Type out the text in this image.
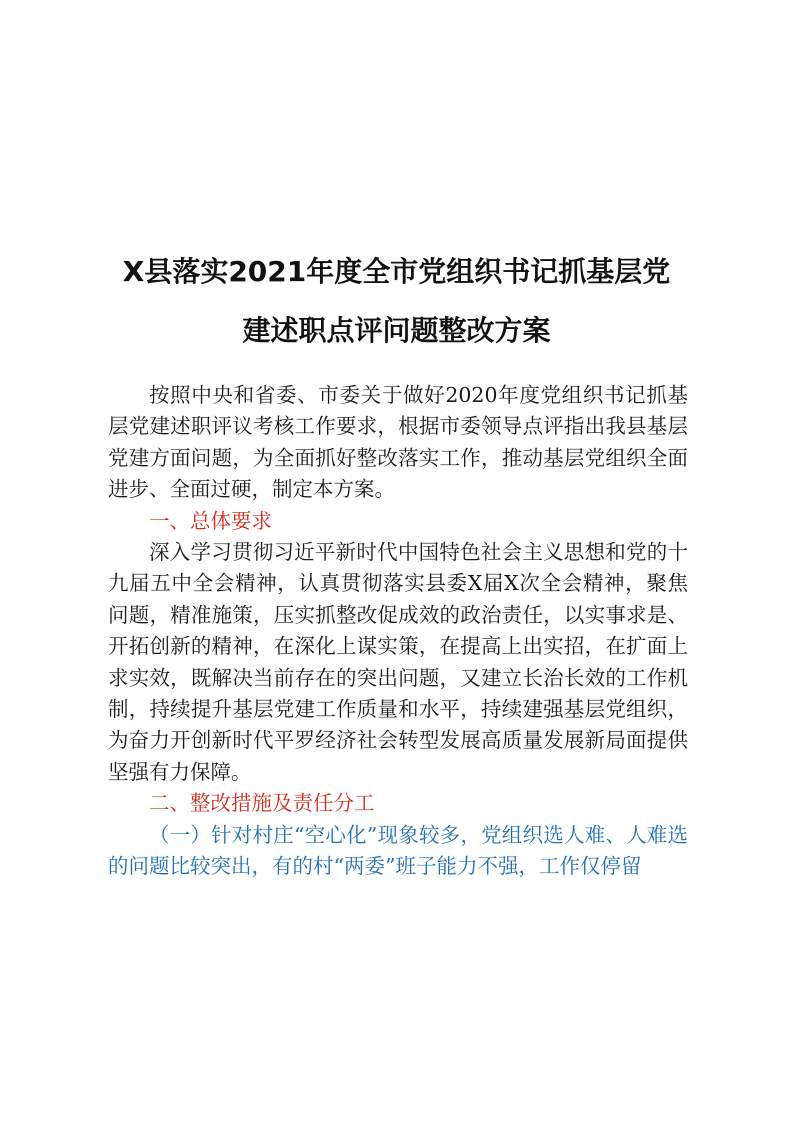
X县落实2021年度全市党组织书记抓基层党
建述职点评问题整改方案

按照中央和省委、市委关于做好2020年度党组织书记抓基层党建述职评议考核工作要求，根据市委领导点评指出我县基层党建方面问题，为全面抓好整改落实工作，推动基层党组织全面进步、全面过硬，制定本方案。

一、总体要求

深入学习贯彻习近平新时代中国特色社会主义思想和党的十九届五中全会精神，认真贯彻落实县委X届X次全会精神，聚焦问题，精准施策，压实抓整改促成效的政治责任，以实事求是、开拓创新的精神，在深化上谋实策，在提高上出实招，在扩面上求实效，既解决当前存在的突出问题，又建立长治长效的工作机制，持续提升基层党建工作质量和水平，持续建强基层党组织，为奋力开创新时代平罗经济社会转型发展高质量发展新局面提供坚强有力保障。

二、整改措施及责任分工

（一）针对村庄“空心化”现象较多，党组织选人难、人难选的问题比较突出，有的村“两委”班子能力不强，工作仅停留
